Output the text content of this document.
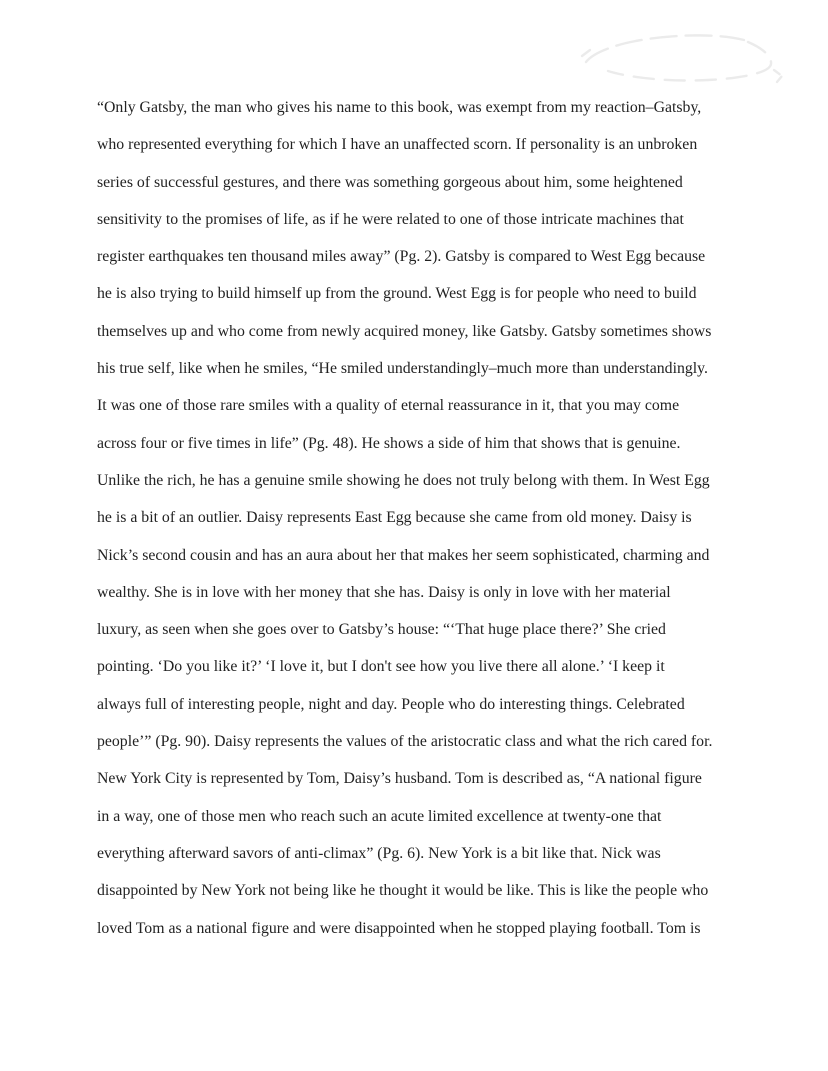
“Only Gatsby, the man who gives his name to this book, was exempt from my reaction–Gatsby,

who represented everything for which I have an unaffected scorn. If personality is an unbroken

series of successful gestures, and there was something gorgeous about him, some heightened

sensitivity to the promises of life, as if he were related to one of those intricate machines that

register earthquakes ten thousand miles away” (Pg. 2). Gatsby is compared to West Egg because

he is also trying to build himself up from the ground. West Egg is for people who need to build

themselves up and who come from newly acquired money, like Gatsby. Gatsby sometimes shows

his true self, like when he smiles, “He smiled understandingly–much more than understandingly.

It was one of those rare smiles with a quality of eternal reassurance in it, that you may come

across four or five times in life” (Pg. 48). He shows a side of him that shows that is genuine.

Unlike the rich, he has a genuine smile showing he does not truly belong with them. In West Egg

he is a bit of an outlier. Daisy represents East Egg because she came from old money. Daisy is

Nick’s second cousin and has an aura about her that makes her seem sophisticated, charming and

wealthy. She is in love with her money that she has. Daisy is only in love with her material

luxury, as seen when she goes over to Gatsby’s house: “‘That huge place there?’ She cried

pointing. ‘Do you like it?’ ‘I love it, but I don't see how you live there all alone.’ ‘I keep it

always full of interesting people, night and day. People who do interesting things. Celebrated

people’” (Pg. 90). Daisy represents the values of the aristocratic class and what the rich cared for.

New York City is represented by Tom, Daisy’s husband. Tom is described as, “A national figure

in a way, one of those men who reach such an acute limited excellence at twenty-one that

everything afterward savors of anti-climax” (Pg. 6). New York is a bit like that. Nick was

disappointed by New York not being like he thought it would be like. This is like the people who

loved Tom as a national figure and were disappointed when he stopped playing football. Tom is
